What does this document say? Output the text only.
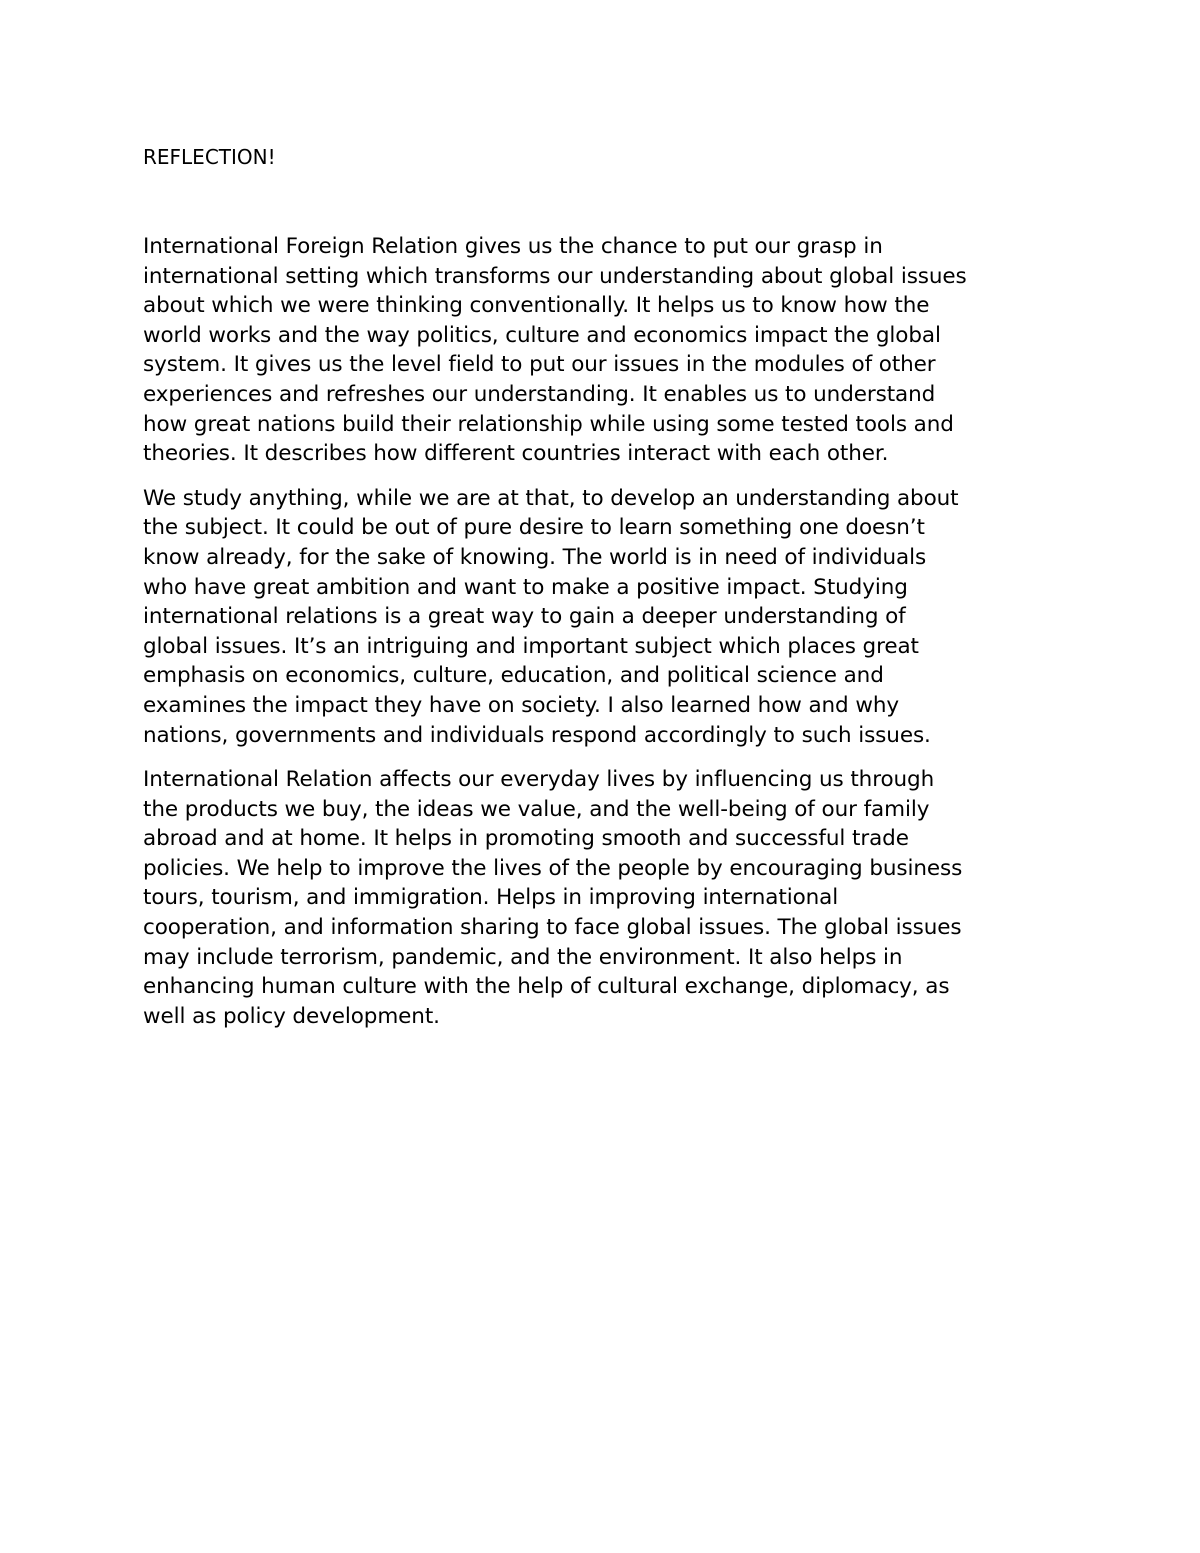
REFLECTION!

International Foreign Relation gives us the chance to put our grasp in
international setting which transforms our understanding about global issues
about which we were thinking conventionally. It helps us to know how the
world works and the way politics, culture and economics impact the global
system. It gives us the level field to put our issues in the modules of other
experiences and refreshes our understanding. It enables us to understand
how great nations build their relationship while using some tested tools and
theories. It describes how different countries interact with each other.

We study anything, while we are at that, to develop an understanding about
the subject. It could be out of pure desire to learn something one doesn’t
know already, for the sake of knowing. The world is in need of individuals
who have great ambition and want to make a positive impact. Studying
international relations is a great way to gain a deeper understanding of
global issues. It’s an intriguing and important subject which places great
emphasis on economics, culture, education, and political science and
examines the impact they have on society. I also learned how and why
nations, governments and individuals respond accordingly to such issues.

International Relation affects our everyday lives by influencing us through
the products we buy, the ideas we value, and the well-being of our family
abroad and at home. It helps in promoting smooth and successful trade
policies. We help to improve the lives of the people by encouraging business
tours, tourism, and immigration. Helps in improving international
cooperation, and information sharing to face global issues. The global issues
may include terrorism, pandemic, and the environment. It also helps in
enhancing human culture with the help of cultural exchange, diplomacy, as
well as policy development.
